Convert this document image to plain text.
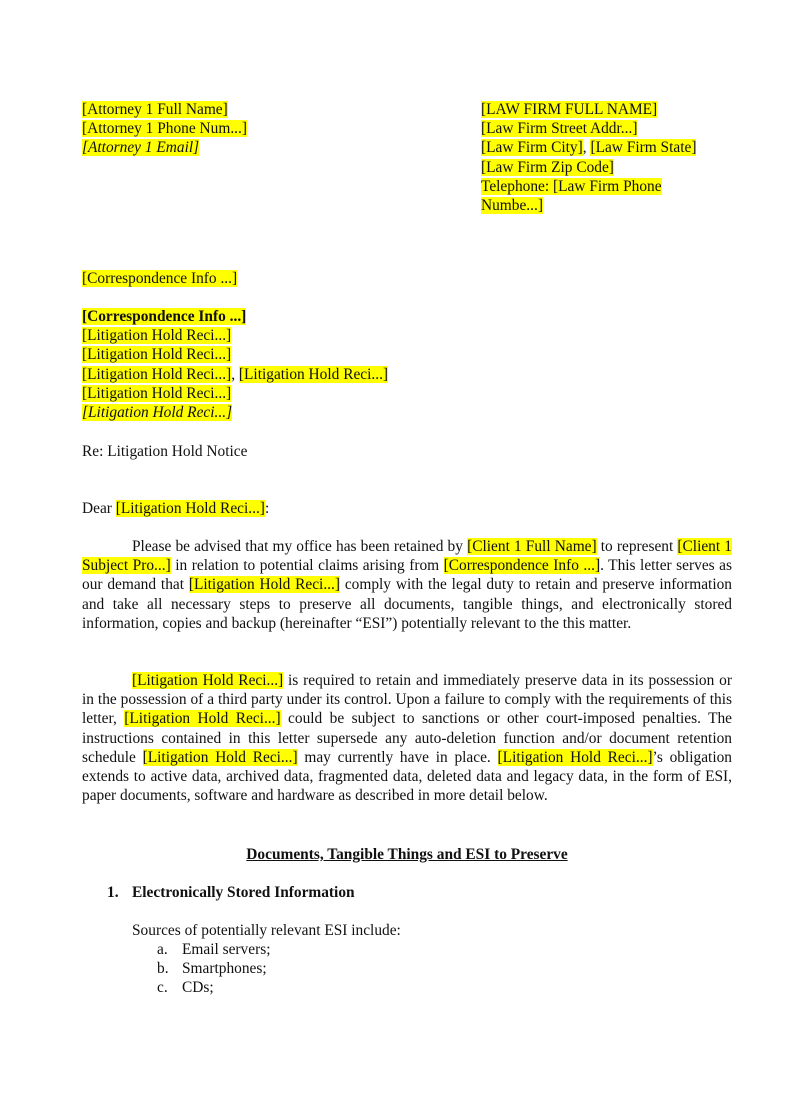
[Attorney 1 Full Name]
[Attorney 1 Phone Num...]
[Attorney 1 Email]
[LAW FIRM FULL NAME]
[Law Firm Street Addr...]
[Law Firm City], [Law Firm State]
[Law Firm Zip Code]
Telephone: [Law Firm Phone
Numbe...]
[Correspondence Info ...]
[Correspondence Info ...]
[Litigation Hold Reci...]
[Litigation Hold Reci...]
[Litigation Hold Reci...], [Litigation Hold Reci...]
[Litigation Hold Reci...]
[Litigation Hold Reci...]
Re: Litigation Hold Notice
Dear [Litigation Hold Reci...]:
Please be advised that my office has been retained by [Client 1 Full Name] to represent [Client 1 Subject Pro...] in relation to potential claims arising from [Correspondence Info ...]. This letter serves as our demand that [Litigation Hold Reci...] comply with the legal duty to retain and preserve information and take all necessary steps to preserve all documents, tangible things, and electronically stored information, copies and backup (hereinafter “ESI”) potentially relevant to the this matter.
[Litigation Hold Reci...] is required to retain and immediately preserve data in its possession or in the possession of a third party under its control. Upon a failure to comply with the requirements of this letter, [Litigation Hold Reci...] could be subject to sanctions or other court-imposed penalties. The instructions contained in this letter supersede any auto-deletion function and/or document retention schedule [Litigation Hold Reci...] may currently have in place. [Litigation Hold Reci...]’s obligation extends to active data, archived data, fragmented data, deleted data and legacy data, in the form of ESI, paper documents, software and hardware as described in more detail below.
Documents, Tangible Things and ESI to Preserve
1. Electronically Stored Information
Sources of potentially relevant ESI include:
a. Email servers;
b. Smartphones;
c. CDs;
